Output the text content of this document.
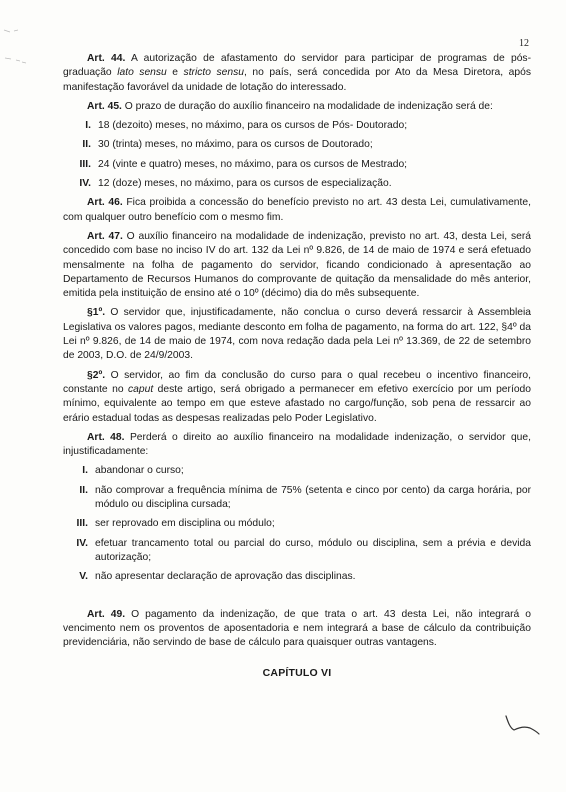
12

Art. 44. A autorização de afastamento do servidor para participar de programas de pós-graduação lato sensu e stricto sensu, no país, será concedida por Ato da Mesa Diretora, após manifestação favorável da unidade de lotação do interessado.

Art. 45. O prazo de duração do auxílio financeiro na modalidade de indenização será de:

I. 18 (dezoito) meses, no máximo, para os cursos de Pós- Doutorado;
II. 30 (trinta) meses, no máximo, para os cursos de Doutorado;
III. 24 (vinte e quatro) meses, no máximo, para os cursos de Mestrado;
IV. 12 (doze) meses, no máximo, para os cursos de especialização.

Art. 46. Fica proibida a concessão do benefício previsto no art. 43 desta Lei, cumulativamente, com qualquer outro benefício com o mesmo fim.

Art. 47. O auxílio financeiro na modalidade de indenização, previsto no art. 43, desta Lei, será concedido com base no inciso IV do art. 132 da Lei nº 9.826, de 14 de maio de 1974 e será efetuado mensalmente na folha de pagamento do servidor, ficando condicionado à apresentação ao Departamento de Recursos Humanos do comprovante de quitação da mensalidade do mês anterior, emitida pela instituição de ensino até o 10º (décimo) dia do mês subsequente.

§1º. O servidor que, injustificadamente, não conclua o curso deverá ressarcir à Assembleia Legislativa os valores pagos, mediante desconto em folha de pagamento, na forma do art. 122, §4º da Lei nº 9.826, de 14 de maio de 1974, com nova redação dada pela Lei nº 13.369, de 22 de setembro de 2003, D.O. de 24/9/2003.

§2º. O servidor, ao fim da conclusão do curso para o qual recebeu o incentivo financeiro, constante no caput deste artigo, será obrigado a permanecer em efetivo exercício por um período mínimo, equivalente ao tempo em que esteve afastado no cargo/função, sob pena de ressarcir ao erário estadual todas as despesas realizadas pelo Poder Legislativo.

Art. 48. Perderá o direito ao auxílio financeiro na modalidade indenização, o servidor que, injustificadamente:

I. abandonar o curso;
II. não comprovar a frequência mínima de 75% (setenta e cinco por cento) da carga horária, por módulo ou disciplina cursada;
III. ser reprovado em disciplina ou módulo;
IV. efetuar trancamento total ou parcial do curso, módulo ou disciplina, sem a prévia e devida autorização;
V. não apresentar declaração de aprovação das disciplinas.

Art. 49. O pagamento da indenização, de que trata o art. 43 desta Lei, não integrará o vencimento nem os proventos de aposentadoria e nem integrará a base de cálculo da contribuição previdenciária, não servindo de base de cálculo para quaisquer outras vantagens.

CAPÍTULO VI
